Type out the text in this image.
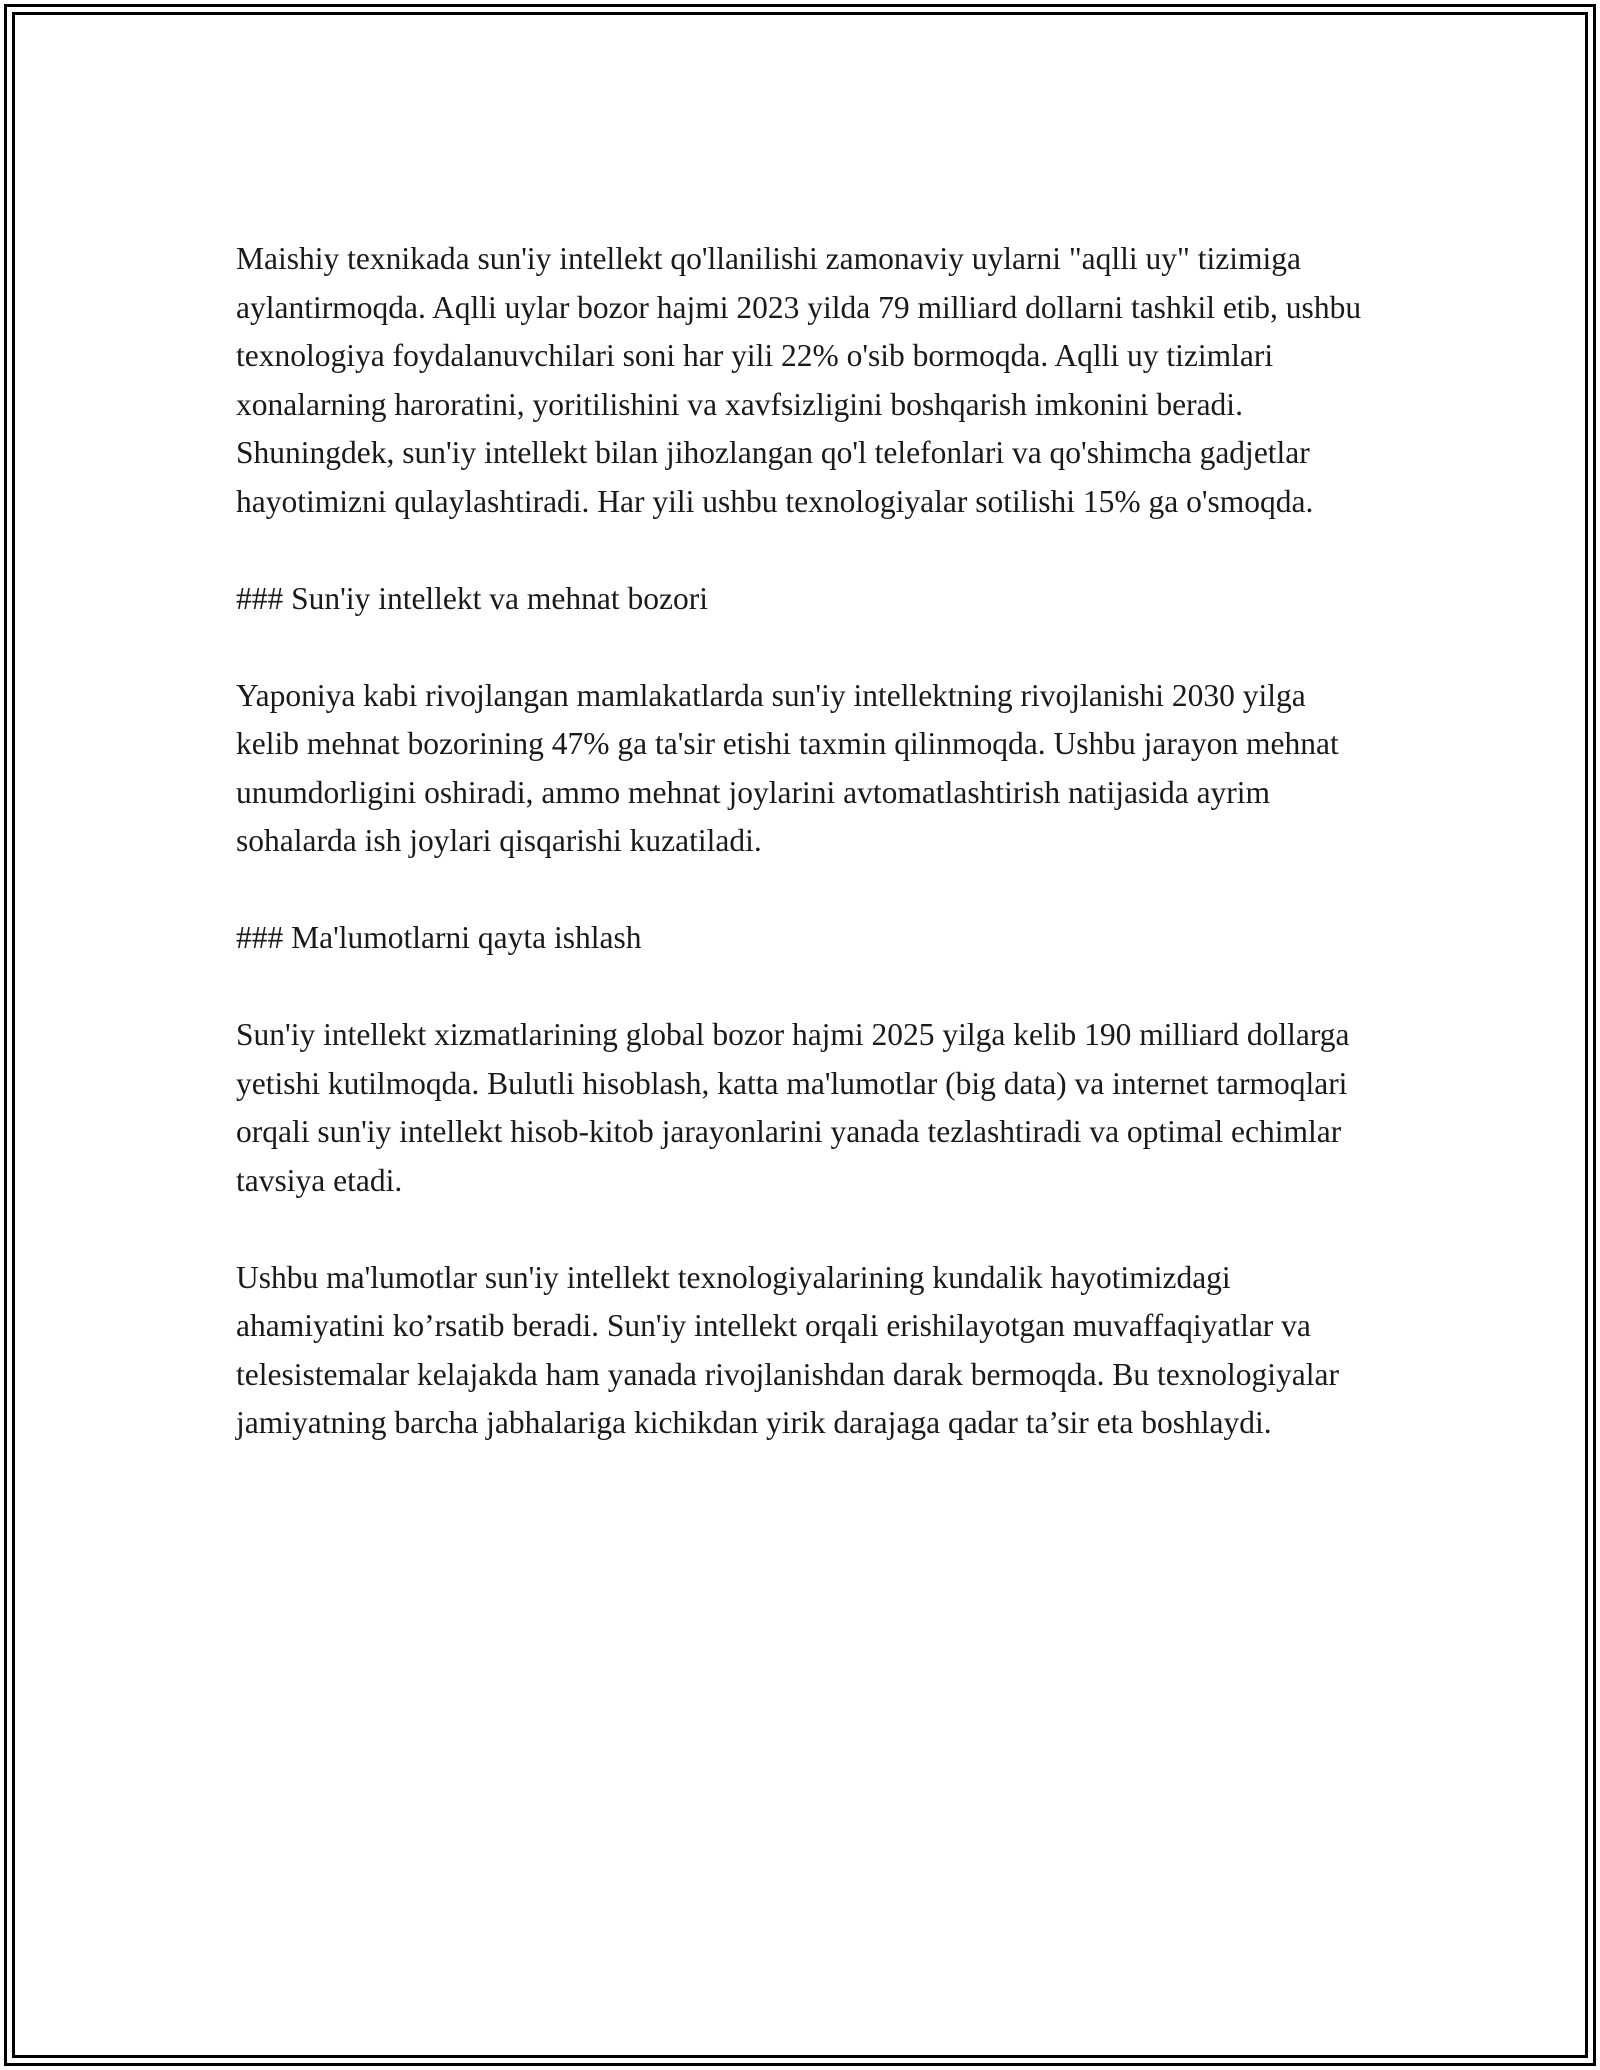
Maishiy texnikada sun'iy intellekt qo'llanilishi zamonaviy uylarni "aqlli uy" tizimiga aylantirmoqda. Aqlli uylar bozor hajmi 2023 yilda 79 milliard dollarni tashkil etib, ushbu texnologiya foydalanuvchilari soni har yili 22% o'sib bormoqda. Aqlli uy tizimlari xonalarning haroratini, yoritilishini va xavfsizligini boshqarish imkonini beradi. Shuningdek, sun'iy intellekt bilan jihozlangan qo'l telefonlari va qo'shimcha gadjetlar hayotimizni qulaylashtiradi. Har yili ushbu texnologiyalar sotilishi 15% ga o'smoqda.

### Sun'iy intellekt va mehnat bozori

Yaponiya kabi rivojlangan mamlakatlarda sun'iy intellektning rivojlanishi 2030 yilga kelib mehnat bozorining 47% ga ta'sir etishi taxmin qilinmoqda. Ushbu jarayon mehnat unumdorligini oshiradi, ammo mehnat joylarini avtomatlashtirish natijasida ayrim sohalarda ish joylari qisqarishi kuzatiladi.

### Ma'lumotlarni qayta ishlash

Sun'iy intellekt xizmatlarining global bozor hajmi 2025 yilga kelib 190 milliard dollarga yetishi kutilmoqda. Bulutli hisoblash, katta ma'lumotlar (big data) va internet tarmoqlari orqali sun'iy intellekt hisob-kitob jarayonlarini yanada tezlashtiradi va optimal echimlar tavsiya etadi.

Ushbu ma'lumotlar sun'iy intellekt texnologiyalarining kundalik hayotimizdagi ahamiyatini ko’rsatib beradi. Sun'iy intellekt orqali erishilayotgan muvaffaqiyatlar va telesistemalar kelajakda ham yanada rivojlanishdan darak bermoqda. Bu texnologiyalar jamiyatning barcha jabhalariga kichikdan yirik darajaga qadar ta’sir eta boshlaydi.
